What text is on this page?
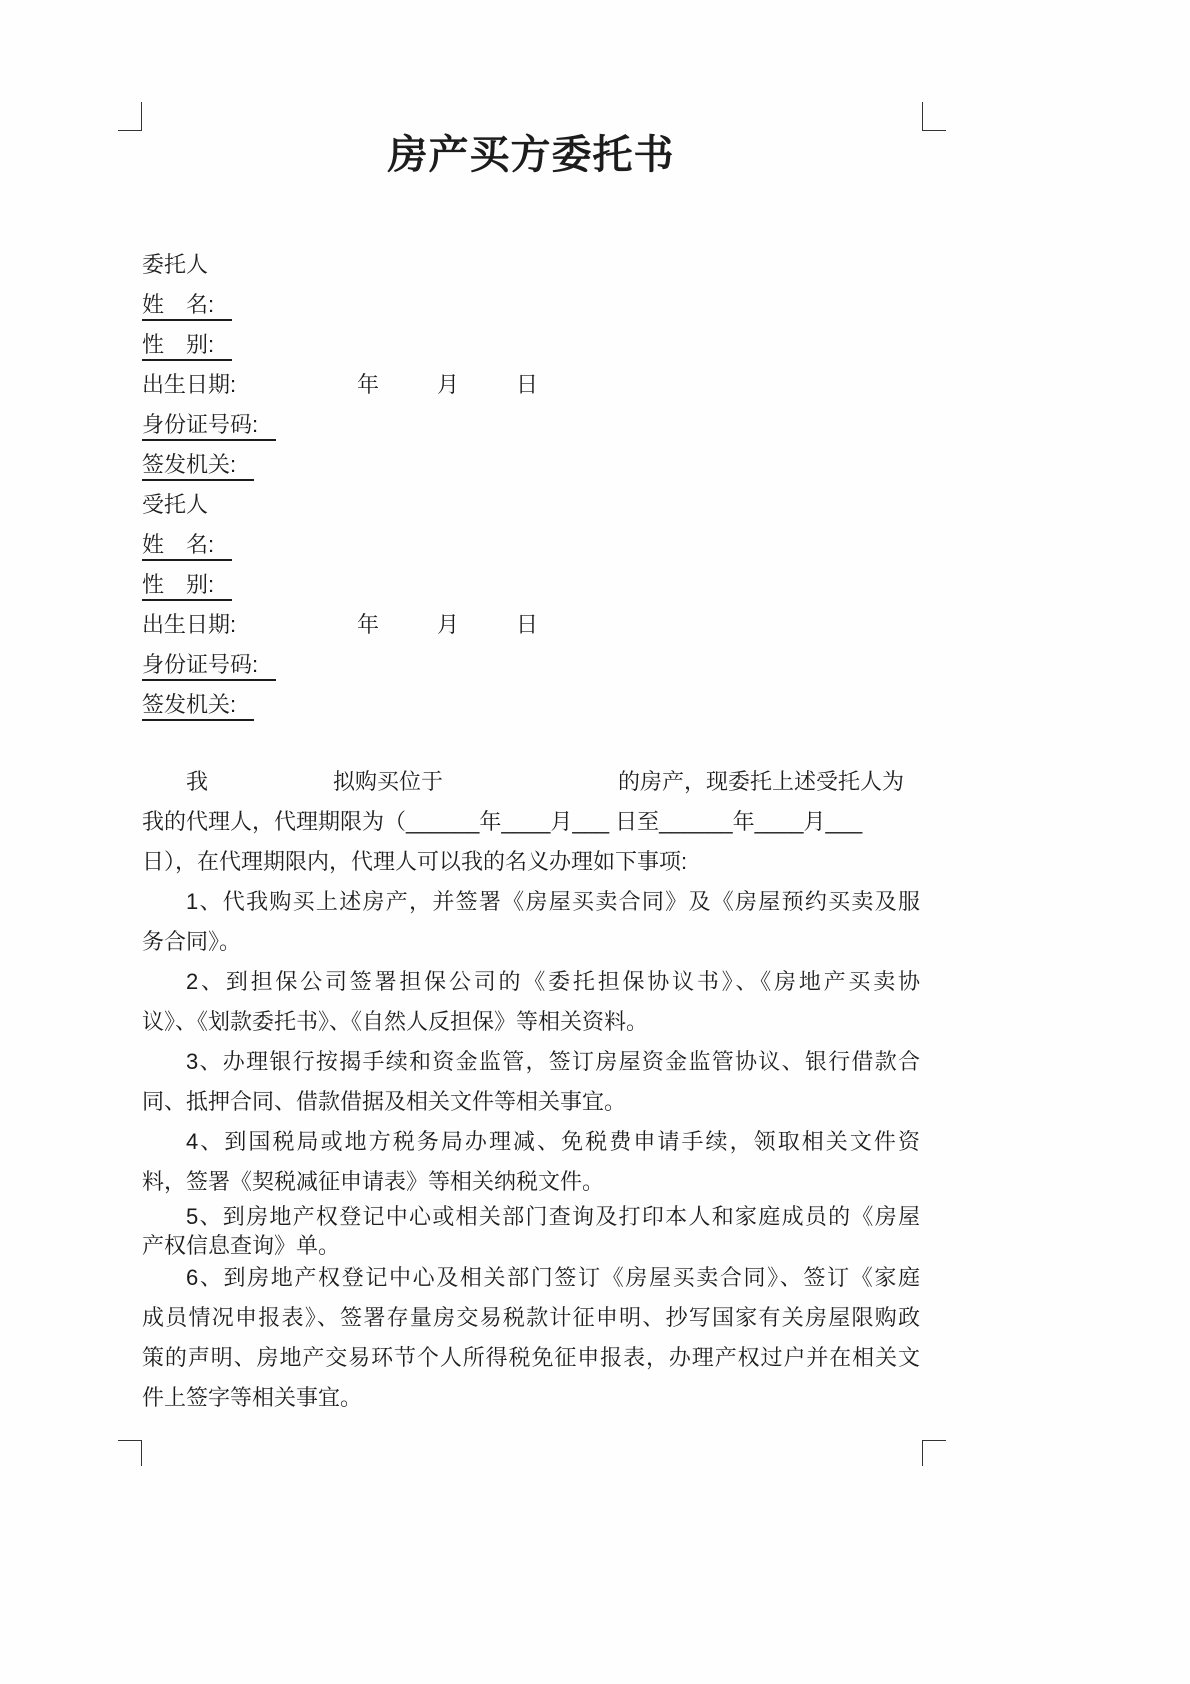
房产买方委托书
委托人
姓　名:
性　别:
出生日期:	年	月	日
身份证号码:
签发机关:
受托人
姓　名:
性　别:
出生日期:	年	月	日
身份证号码:
签发机关:
我	拟购买位于	的房产，现委托上述受托人为
我的代理人，代理期限为（______年____月___ 日至______年____月___
日），在代理期限内，代理人可以我的名义办理如下事项:
1、代我购买上述房产，并签署《房屋买卖合同》及《房屋预约买卖及服
务合同》。
2、到担保公司签署担保公司的《委托担保协议书》、《房地产买卖协
议》、《划款委托书》、《自然人反担保》等相关资料。
3、办理银行按揭手续和资金监管，签订房屋资金监管协议、银行借款合
同、抵押合同、借款借据及相关文件等相关事宜。
4、到国税局或地方税务局办理减、免税费申请手续，领取相关文件资
料，签署《契税减征申请表》等相关纳税文件。
5、到房地产权登记中心或相关部门查询及打印本人和家庭成员的《房屋
产权信息查询》单。
6、到房地产权登记中心及相关部门签订《房屋买卖合同》、签订《家庭
成员情况申报表》、签署存量房交易税款计征申明、抄写国家有关房屋限购政
策的声明、房地产交易环节个人所得税免征申报表，办理产权过户并在相关文
件上签字等相关事宜。
